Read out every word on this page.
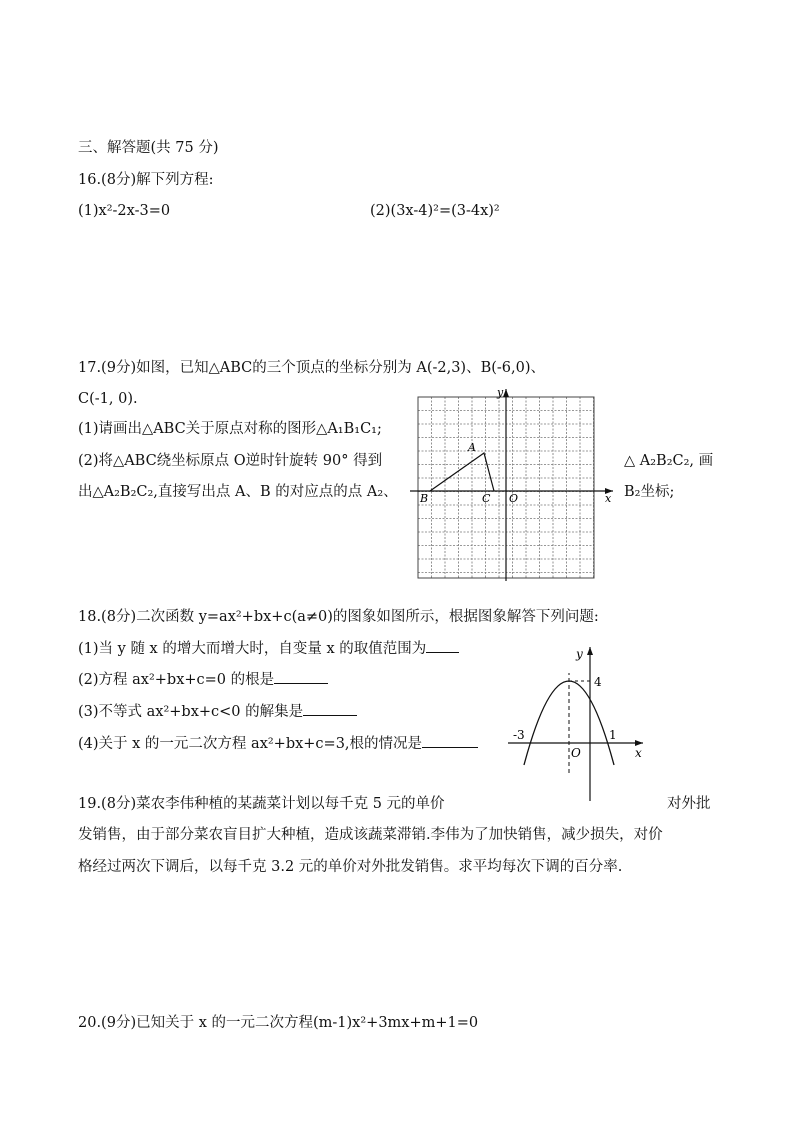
三、解答题(共 75 分)
16.(8分)解下列方程:
(1)x²-2x-3=0	(2)(3x-4)²=(3-4x)²
17.(9分)如图，已知△ABC的三个顶点的坐标分别为 A(-2,3)、B(-6,0)、
C(-1, 0).
(1)请画出△ABC关于原点对称的图形△A₁B₁C₁;
(2)将△ABC绕坐标原点 O逆时针旋转 90° 得到	△ A₂B₂C₂, 画
出△A₂B₂C₂,直接写出点 A、B 的对应点的点 A₂、	B₂坐标;
y
x
A
B	C O
18.(8分)二次函数 y=ax²+bx+c(a≠0)的图象如图所示，根据图象解答下列问题:
(1)当 y 随 x 的增大而增大时，自变量 x 的取值范围为
(2)方程 ax²+bx+c=0 的根是
(3)不等式 ax²+bx+c<0 的解集是
(4)关于 x 的一元二次方程 ax²+bx+c=3,根的情况是
y
x
4
-3	1
O
19.(8分)菜农李伟种植的某蔬菜计划以每千克 5 元的单价	对外批
发销售，由于部分菜农盲目扩大种植，造成该蔬菜滞销.李伟为了加快销售，减少损失，对价
格经过两次下调后，以每千克 3.2 元的单价对外批发销售。求平均每次下调的百分率.
20.(9分)已知关于 x 的一元二次方程(m-1)x²+3mx+m+1=0
